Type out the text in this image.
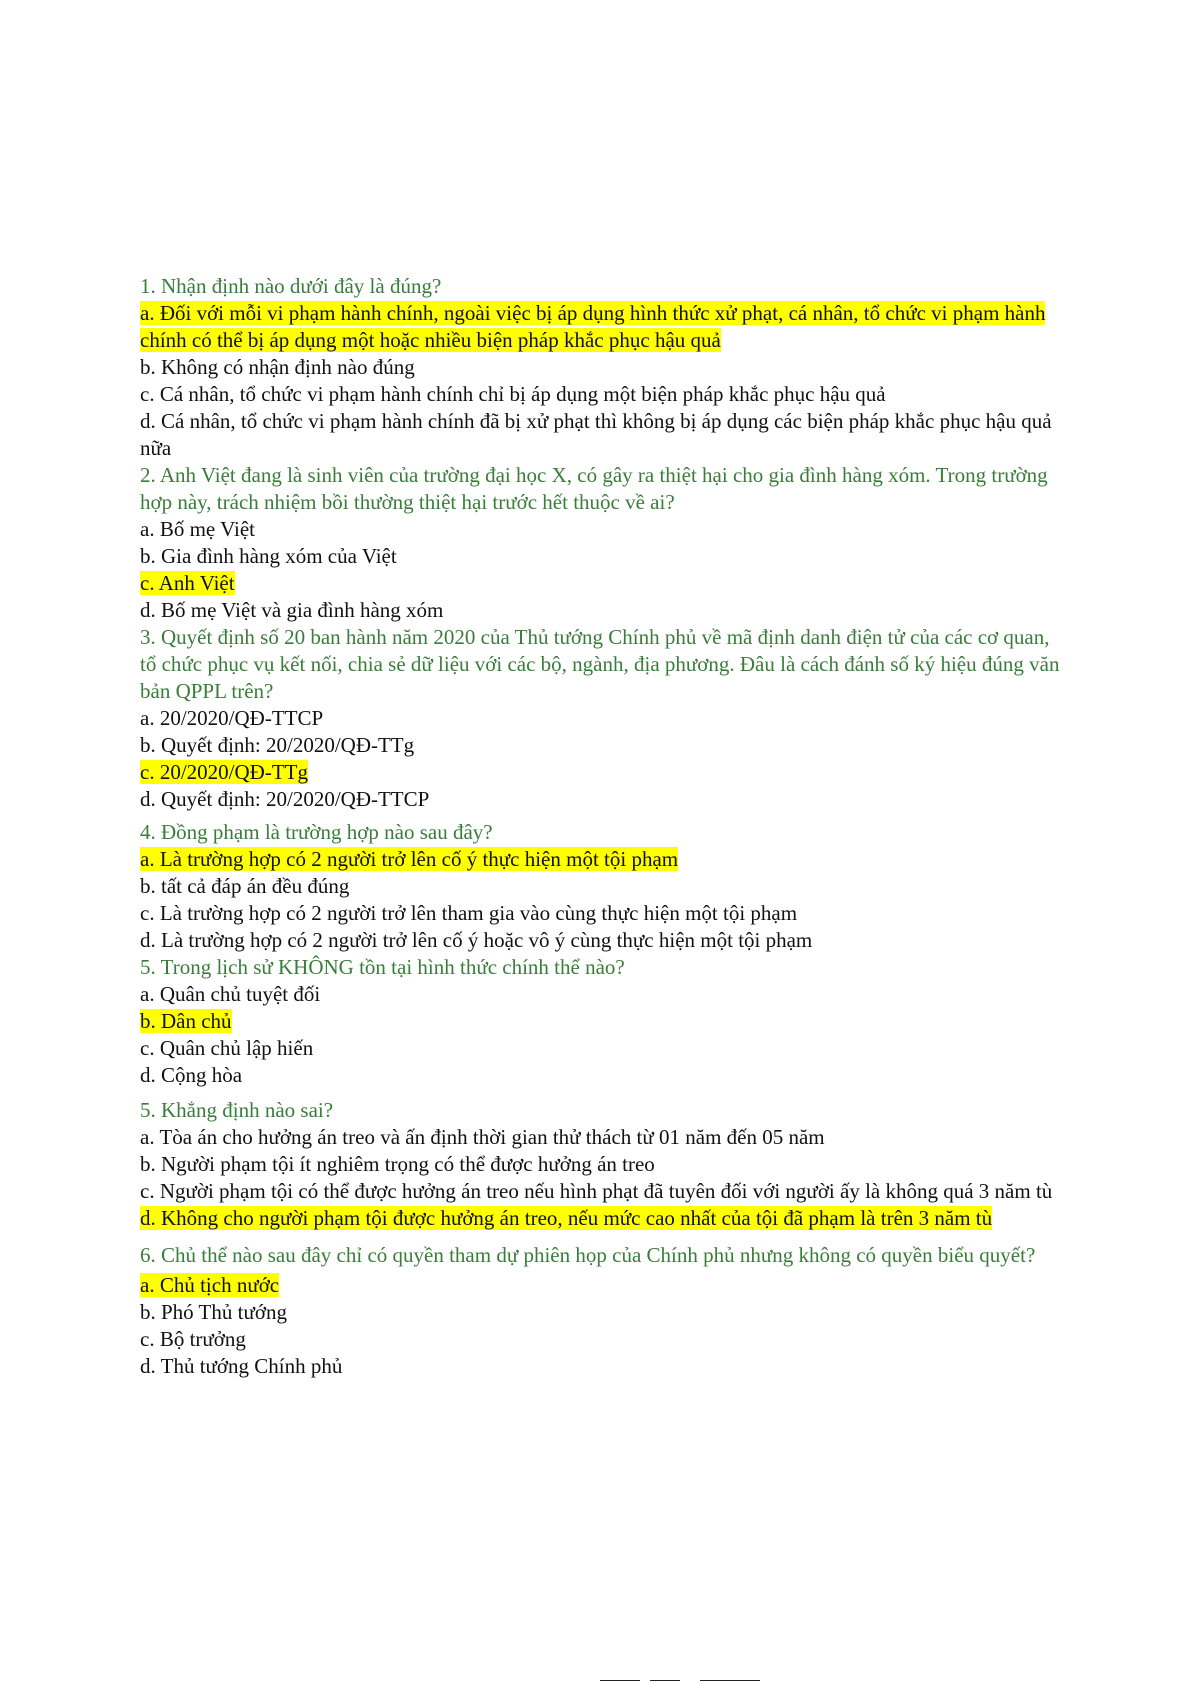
1. Nhận định nào dưới đây là đúng?
a. Đối với mỗi vi phạm hành chính, ngoài việc bị áp dụng hình thức xử phạt, cá nhân, tổ chức vi phạm hành chính có thể bị áp dụng một hoặc nhiều biện pháp khắc phục hậu quả
b. Không có nhận định nào đúng
c. Cá nhân, tổ chức vi phạm hành chính chỉ bị áp dụng một biện pháp khắc phục hậu quả
d. Cá nhân, tổ chức vi phạm hành chính đã bị xử phạt thì không bị áp dụng các biện pháp khắc phục hậu quả nữa
2. Anh Việt đang là sinh viên của trường đại học X, có gây ra thiệt hại cho gia đình hàng xóm. Trong trường hợp này, trách nhiệm bồi thường thiệt hại trước hết thuộc về ai?
a. Bố mẹ Việt
b. Gia đình hàng xóm của Việt
c. Anh Việt
d. Bố mẹ Việt và gia đình hàng xóm
3. Quyết định số 20 ban hành năm 2020 của Thủ tướng Chính phủ về mã định danh điện tử của các cơ quan, tổ chức phục vụ kết nối, chia sẻ dữ liệu với các bộ, ngành, địa phương. Đâu là cách đánh số ký hiệu đúng văn bản QPPL trên?
a. 20/2020/QĐ-TTCP
b. Quyết định: 20/2020/QĐ-TTg
c. 20/2020/QĐ-TTg
d. Quyết định: 20/2020/QĐ-TTCP
4. Đồng phạm là trường hợp nào sau đây?
a. Là trường hợp có 2 người trở lên cố ý thực hiện một tội phạm
b. tất cả đáp án đều đúng
c. Là trường hợp có 2 người trở lên tham gia vào cùng thực hiện một tội phạm
d. Là trường hợp có 2 người trở lên cố ý hoặc vô ý cùng thực hiện một tội phạm
5. Trong lịch sử KHÔNG tồn tại hình thức chính thể nào?
a. Quân chủ tuyệt đối
b. Dân chủ
c. Quân chủ lập hiến
d. Cộng hòa
5. Khẳng định nào sai?
a. Tòa án cho hưởng án treo và ấn định thời gian thử thách từ 01 năm đến 05 năm
b. Người phạm tội ít nghiêm trọng có thể được hưởng án treo
c. Người phạm tội có thể được hưởng án treo nếu hình phạt đã tuyên đối với người ấy là không quá 3 năm tù
d. Không cho người phạm tội được hưởng án treo, nếu mức cao nhất của tội đã phạm là trên 3 năm tù
6. Chủ thể nào sau đây chỉ có quyền tham dự phiên họp của Chính phủ nhưng không có quyền biểu quyết?
a. Chủ tịch nước
b. Phó Thủ tướng
c. Bộ trưởng
d. Thủ tướng Chính phủ
